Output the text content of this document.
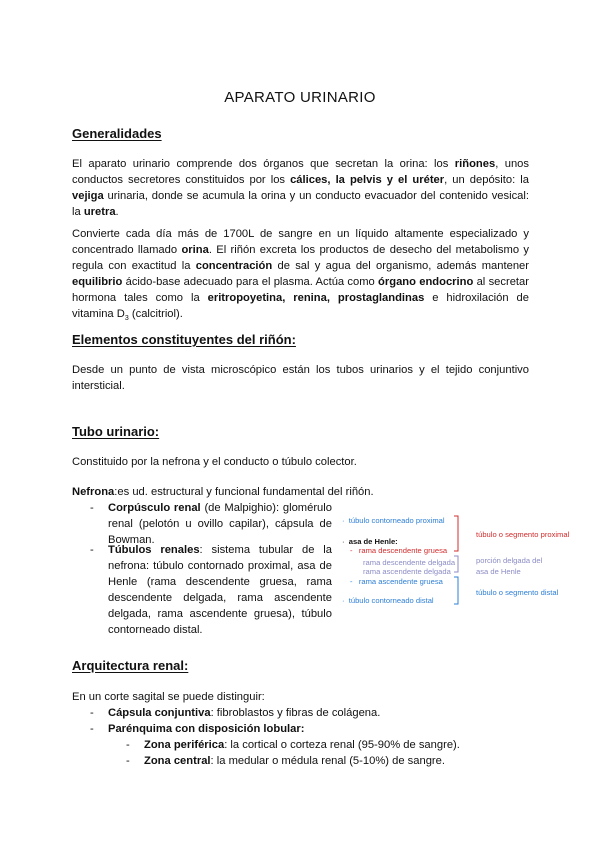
APARATO URINARIO
Generalidades
El aparato urinario comprende dos órganos que secretan la orina: los riñones, unos conductos secretores constituidos por los cálices, la pelvis y el uréter, un depósito: la vejiga urinaria, donde se acumula la orina y un conducto evacuador del contenido vesical: la uretra.
Convierte cada día más de 1700L de sangre en un líquido altamente especializado y concentrado llamado orina. El riñón excreta los productos de desecho del metabolismo y regula con exactitud la concentración de sal y agua del organismo, además mantener equilibrio ácido-base adecuado para el plasma. Actúa como órgano endocrino al secretar hormona tales como la eritropoyetina, renina, prostaglandinas e hidroxilación de vitamina $D_3$ (calcitriol).
Elementos constituyentes del riñón:
Desde un punto de vista microscópico están los tubos urinarios y el tejido conjuntivo intersticial.
Tubo urinario:
Constituido por la nefrona y el conducto o túbulo colector.
Nefrona:es ud. estructural y funcional fundamental del riñón.
- Corpúsculo renal (de Malpighio): glomérulo renal (pelotón u ovillo capilar), cápsula de Bowman.
- Túbulos renales: sistema tubular de la nefrona: túbulo contornado proximal, asa de Henle (rama descendente gruesa, rama descendente delgada, rama ascendente delgada, rama ascendente gruesa), túbulo contorneado distal.
·  túbulo contorneado proximal
·  asa de Henle:
-   rama descendente gruesa
rama descendente delgada
rama ascendente delgada
-   rama ascendente gruesa
·  túbulo contorneado distal
túbulo o segmento proximal
porción delgada del asa de Henle
túbulo o segmento distal
Arquitectura renal:
En un corte sagital se puede distinguir:
- Cápsula conjuntiva: fibroblastos y fibras de colágena.
- Parénquima con disposición lobular:
- Zona periférica: la cortical o corteza renal (95-90% de sangre).
- Zona central: la medular o médula renal (5-10%) de sangre.
